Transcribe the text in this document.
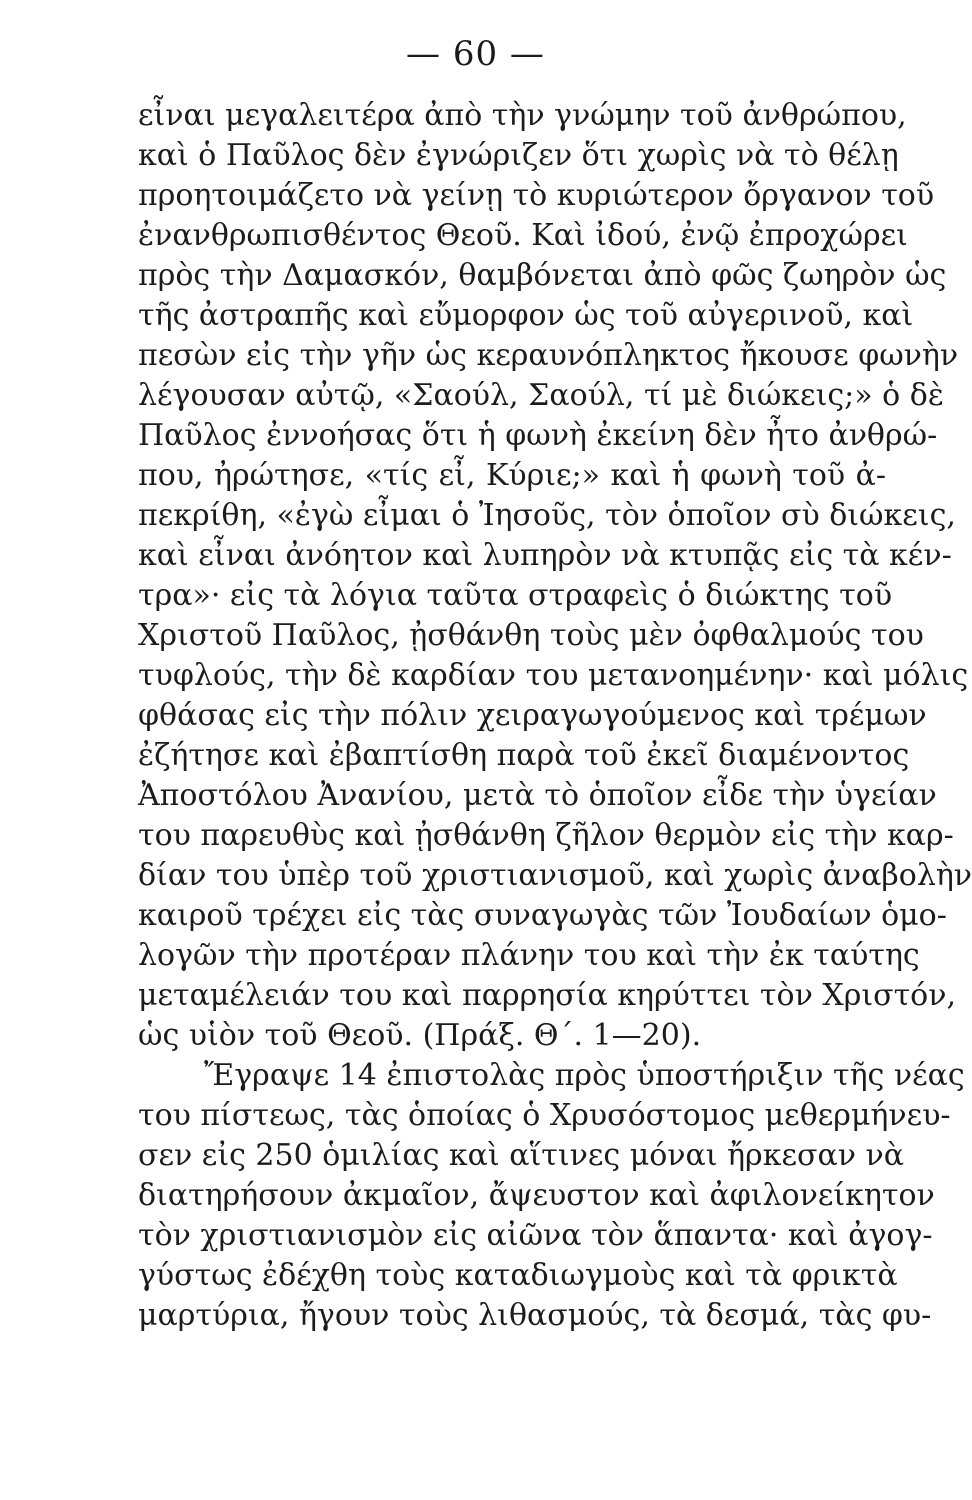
— 60 —
εἶναι μεγαλειτέρα ἀπὸ τὴν γνώμην τοῦ ἀνθρώπου,
καὶ ὁ Παῦλος δὲν ἐγνώριζεν ὅτι χωρὶς νὰ τὸ θέλῃ
προητοιμάζετο νὰ γείνῃ τὸ κυριώτερον ὄργανον τοῦ
ἐνανθρωπισθέντος Θεοῦ. Καὶ ἰδού, ἐνῷ ἐπροχώρει
πρὸς τὴν Δαμασκόν, θαμβόνεται ἀπὸ φῶς ζωηρὸν ὡς
τῆς ἀστραπῆς καὶ εὔμορφον ὡς τοῦ αὐγερινοῦ, καὶ
πεσὼν εἰς τὴν γῆν ὡς κεραυνόπληκτος ἤκουσε φωνὴν
λέγουσαν αὐτῷ, «Σαούλ, Σαούλ, τί μὲ διώκεις;» ὁ δὲ
Παῦλος ἐννοήσας ὅτι ἡ φωνὴ ἐκείνη δὲν ἦτο ἀνθρώ-
που, ἠρώτησε, «τίς εἶ, Κύριε;» καὶ ἡ φωνὴ τοῦ ἀ-
πεκρίθη, «ἐγὼ εἶμαι ὁ Ἰησοῦς, τὸν ὁποῖον σὺ διώκεις,
καὶ εἶναι ἀνόητον καὶ λυπηρὸν νὰ κτυπᾷς εἰς τὰ κέν-
τρα»· εἰς τὰ λόγια ταῦτα στραφεὶς ὁ διώκτης τοῦ
Χριστοῦ Παῦλος, ᾐσθάνθη τοὺς μὲν ὀφθαλμούς του
τυφλούς, τὴν δὲ καρδίαν του μετανοημένην· καὶ μόλις
φθάσας εἰς τὴν πόλιν χειραγωγούμενος καὶ τρέμων
ἐζήτησε καὶ ἐβαπτίσθη παρὰ τοῦ ἐκεῖ διαμένοντος
Ἀποστόλου Ἀνανίου, μετὰ τὸ ὁποῖον εἶδε τὴν ὑγείαν
του παρευθὺς καὶ ᾐσθάνθη ζῆλον θερμὸν εἰς τὴν καρ-
δίαν του ὑπὲρ τοῦ χριστιανισμοῦ, καὶ χωρὶς ἀναβολὴν
καιροῦ τρέχει εἰς τὰς συναγωγὰς τῶν Ἰουδαίων ὁμο-
λογῶν τὴν προτέραν πλάνην του καὶ τὴν ἐκ ταύτης
μεταμέλειάν του καὶ παρρησία κηρύττει τὸν Χριστόν,
ὡς υἱὸν τοῦ Θεοῦ. (Πράξ. Θ΄. 1—20).
Ἔγραψε 14 ἐπιστολὰς πρὸς ὑποστήριξιν τῆς νέας
του πίστεως, τὰς ὁποίας ὁ Χρυσόστομος μεθερμήνευ-
σεν εἰς 250 ὁμιλίας καὶ αἵτινες μόναι ἤρκεσαν νὰ
διατηρήσουν ἀκμαῖον, ἄψευστον καὶ ἀφιλονείκητον
τὸν χριστιανισμὸν εἰς αἰῶνα τὸν ἅπαντα· καὶ ἀγογ-
γύστως ἐδέχθη τοὺς καταδιωγμοὺς καὶ τὰ φρικτὰ
μαρτύρια, ἤγουν τοὺς λιθασμούς, τὰ δεσμά, τὰς φυ-
